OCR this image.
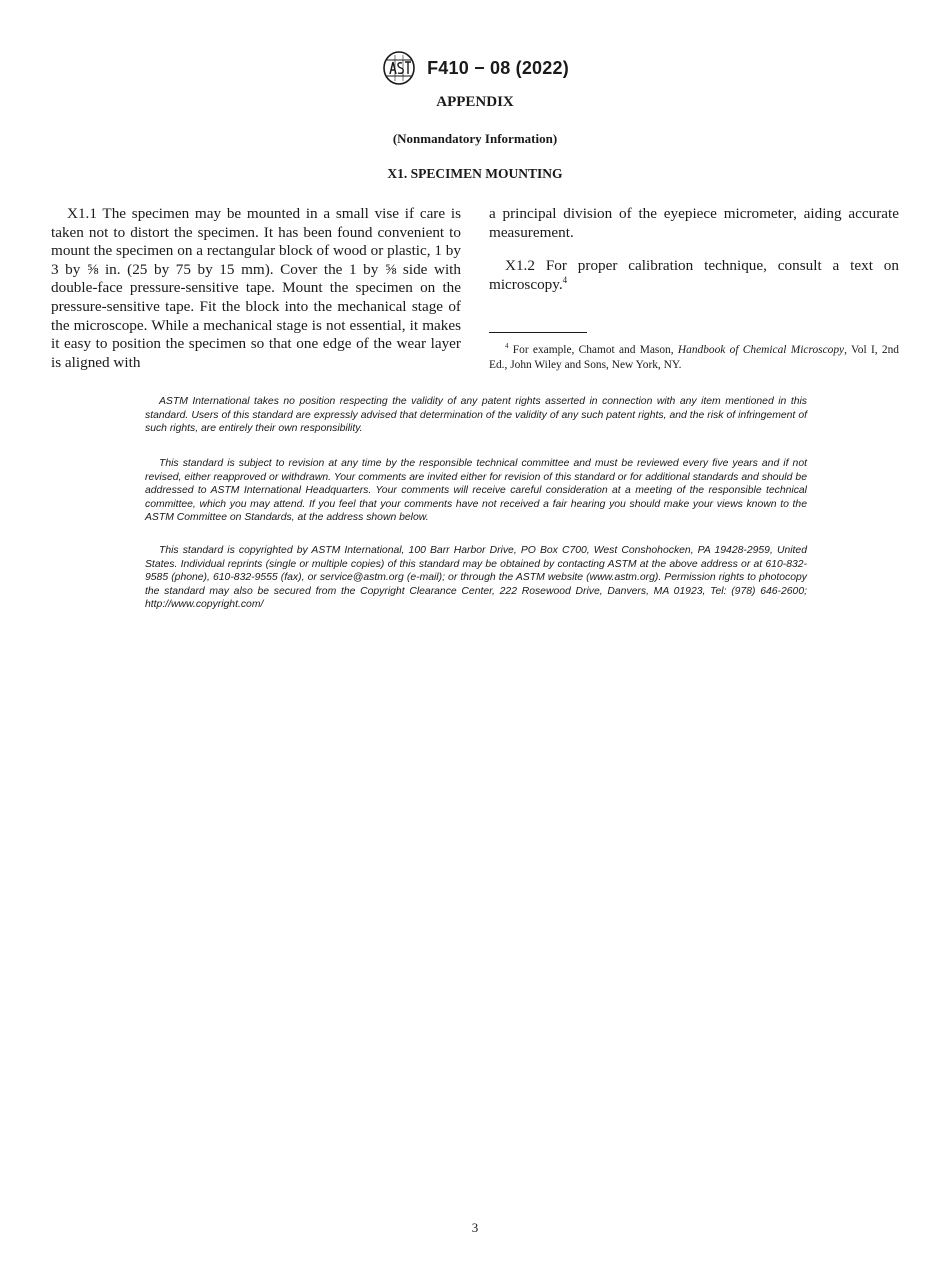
F410 − 08 (2022)
APPENDIX
(Nonmandatory Information)
X1. SPECIMEN MOUNTING

X1.1 The specimen may be mounted in a small vise if care is taken not to distort the specimen. It has been found convenient to mount the specimen on a rectangular block of wood or plastic, 1 by 3 by ⅝ in. (25 by 75 by 15 mm). Cover the 1 by ⅝ side with double-face pressure-sensitive tape. Mount the specimen on the pressure-sensitive tape. Fit the block into the mechanical stage of the microscope. While a mechanical stage is not essential, it makes it easy to position the specimen so that one edge of the wear layer is aligned with

a principal division of the eyepiece micrometer, aiding accurate measurement.

X1.2 For proper calibration technique, consult a text on microscopy.$^4$

$^4$ For example, Chamot and Mason, Handbook of Chemical Microscopy, Vol I, 2nd Ed., John Wiley and Sons, New York, NY.

ASTM International takes no position respecting the validity of any patent rights asserted in connection with any item mentioned in this standard. Users of this standard are expressly advised that determination of the validity of any such patent rights, and the risk of infringement of such rights, are entirely their own responsibility.

This standard is subject to revision at any time by the responsible technical committee and must be reviewed every five years and if not revised, either reapproved or withdrawn. Your comments are invited either for revision of this standard or for additional standards and should be addressed to ASTM International Headquarters. Your comments will receive careful consideration at a meeting of the responsible technical committee, which you may attend. If you feel that your comments have not received a fair hearing you should make your views known to the ASTM Committee on Standards, at the address shown below.

This standard is copyrighted by ASTM International, 100 Barr Harbor Drive, PO Box C700, West Conshohocken, PA 19428-2959, United States. Individual reprints (single or multiple copies) of this standard may be obtained by contacting ASTM at the above address or at 610-832-9585 (phone), 610-832-9555 (fax), or service@astm.org (e-mail); or through the ASTM website (www.astm.org). Permission rights to photocopy the standard may also be secured from the Copyright Clearance Center, 222 Rosewood Drive, Danvers, MA 01923, Tel: (978) 646-2600; http://www.copyright.com/

3
